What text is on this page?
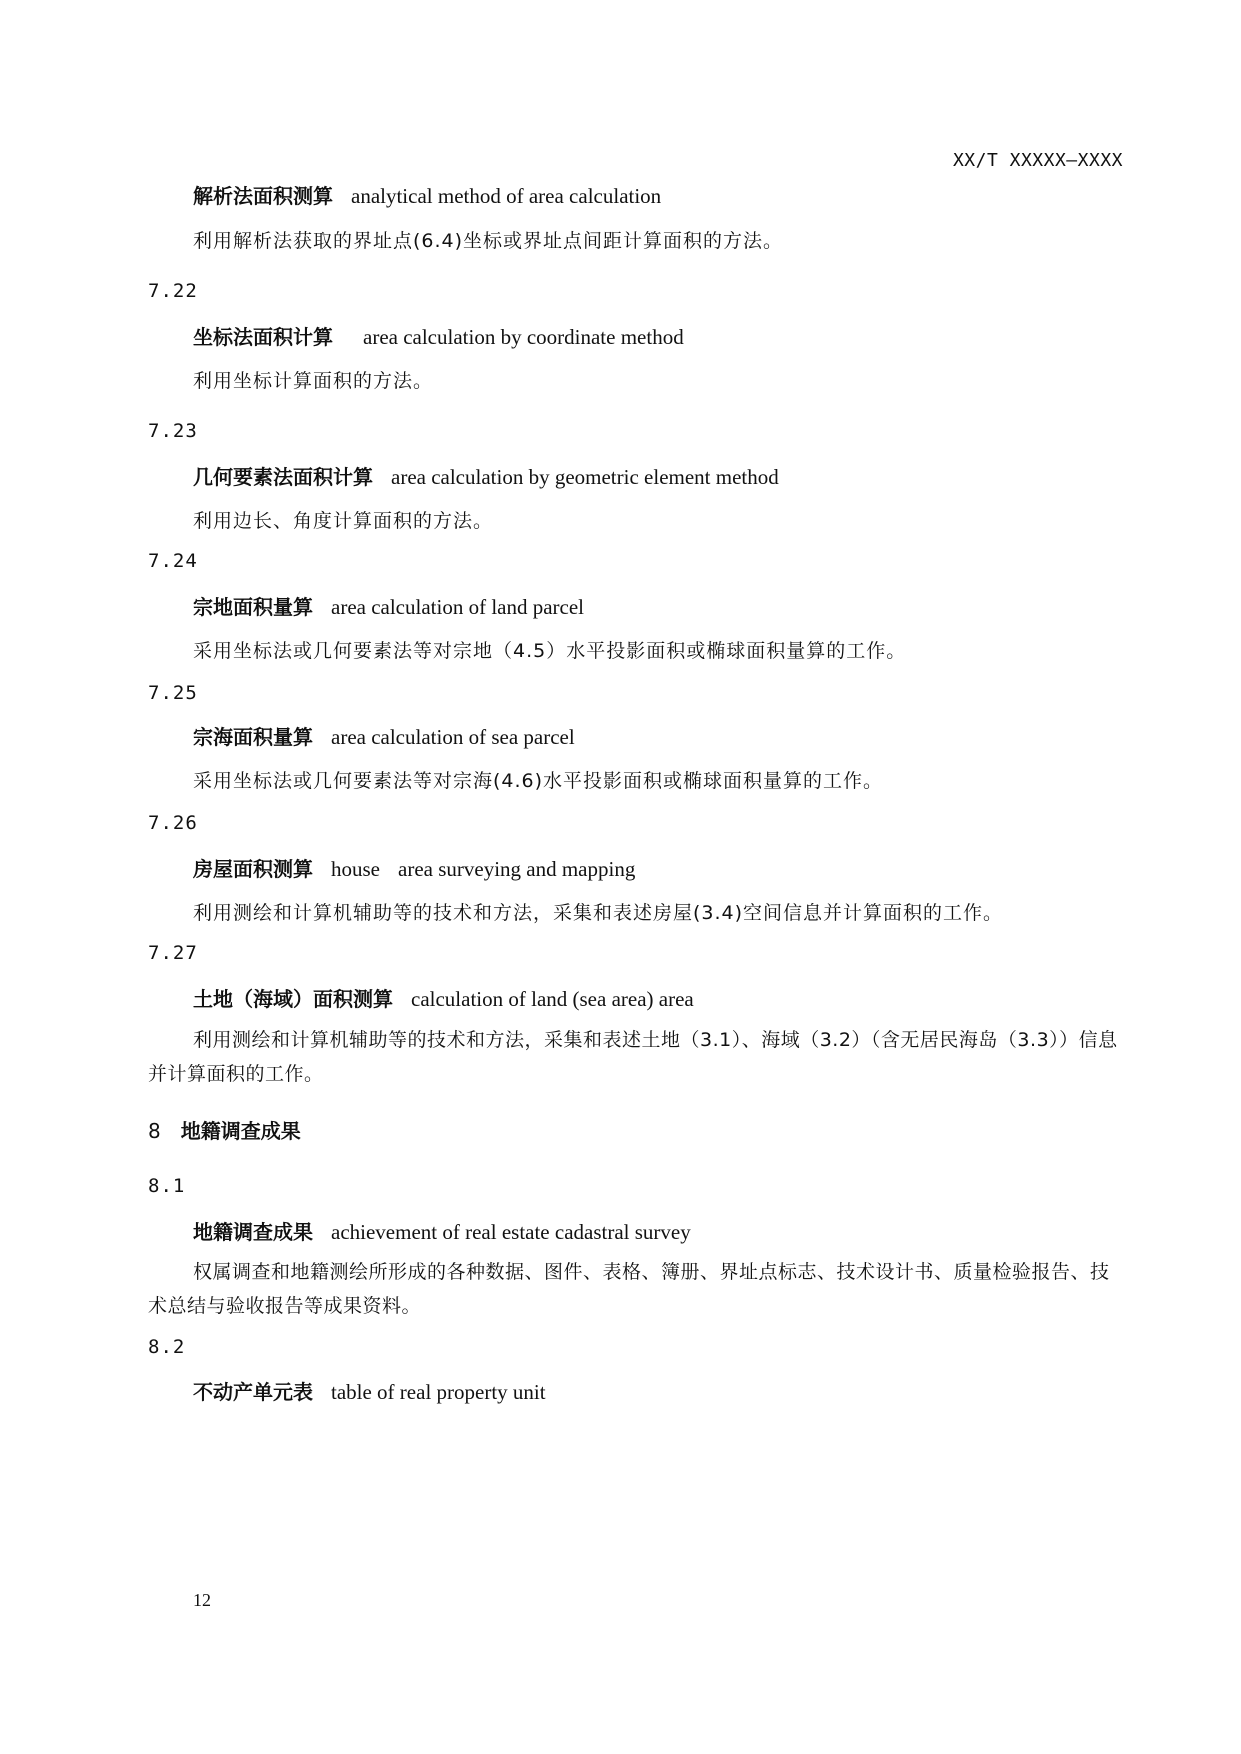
XX/T XXXXX—XXXX
解析法面积测算 analytical method of area calculation
利用解析法获取的界址点(6.4)坐标或界址点间距计算面积的方法。
7.22
坐标法面积计算 area calculation by coordinate method
利用坐标计算面积的方法。
7.23
几何要素法面积计算 area calculation by geometric element method
利用边长、角度计算面积的方法。
7.24
宗地面积量算 area calculation of land parcel
采用坐标法或几何要素法等对宗地（4.5）水平投影面积或椭球面积量算的工作。
7.25
宗海面积量算 area calculation of sea parcel
采用坐标法或几何要素法等对宗海(4.6)水平投影面积或椭球面积量算的工作。
7.26
房屋面积测算 house area surveying and mapping
利用测绘和计算机辅助等的技术和方法，采集和表述房屋(3.4)空间信息并计算面积的工作。
7.27
土地（海域）面积测算 calculation of land (sea area) area
利用测绘和计算机辅助等的技术和方法，采集和表述土地（3.1）、海域（3.2）（含无居民海岛（3.3））信息并计算面积的工作。
8 地籍调查成果
8.1
地籍调查成果 achievement of real estate cadastral survey
权属调查和地籍测绘所形成的各种数据、图件、表格、簿册、界址点标志、技术设计书、质量检验报告、技术总结与验收报告等成果资料。
8.2
不动产单元表 table of real property unit
12
